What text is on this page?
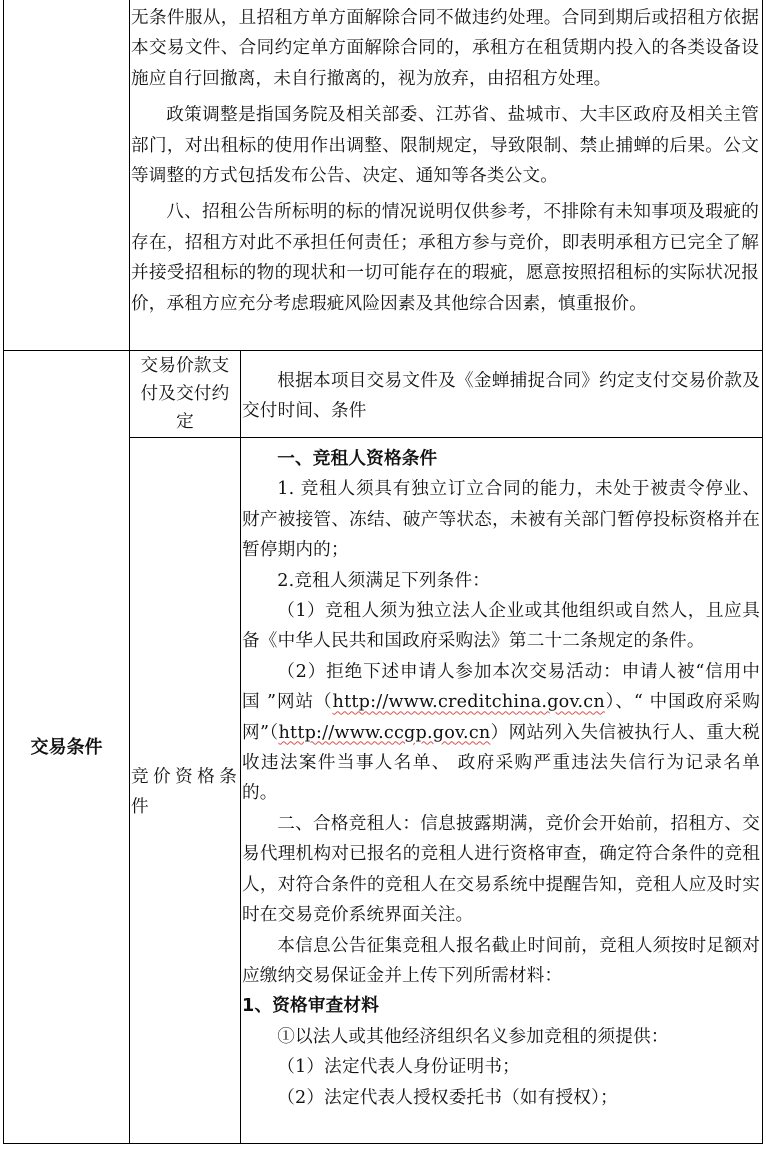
无条件服从，且招租方单方面解除合同不做违约处理。合同到期后或招租方依据本交易文件、合同约定单方面解除合同的，承租方在租赁期内投入的各类设备设施应自行回撤离，未自行撤离的，视为放弃，由招租方处理。

政策调整是指国务院及相关部委、江苏省、盐城市、大丰区政府及相关主管部门，对出租标的使用作出调整、限制规定，导致限制、禁止捕蝉的后果。公文等调整的方式包括发布公告、决定、通知等各类公文。

八、招租公告所标明的标的情况说明仅供参考，不排除有未知事项及瑕疵的存在，招租方对此不承担任何责任；承租方参与竞价，即表明承租方已完全了解并接受招租标的物的现状和一切可能存在的瑕疵，愿意按照招租标的实际状况报价，承租方应充分考虑瑕疵风险因素及其他综合因素，慎重报价。

交易条件
交易价款支付及交付约定

根据本项目交易文件及《金蝉捕捉合同》约定支付交易价款及交付时间、条件

竞价资格条件

一、竞租人资格条件

1. 竞租人须具有独立订立合同的能力，未处于被责令停业、财产被接管、冻结、破产等状态，未被有关部门暂停投标资格并在暂停期内的；

2.竞租人须满足下列条件：

（1）竞租人须为独立法人企业或其他组织或自然人，且应具备《中华人民共和国政府采购法》第二十二条规定的条件。

（2）拒绝下述申请人参加本次交易活动：申请人被“信用中国 ”网站（http://www.creditchina.gov.cn）、“ 中国政府采购网”（http://www.ccgp.gov.cn）网站列入失信被执行人、重大税收违法案件当事人名单、 政府采购严重违法失信行为记录名单的。

二、合格竞租人：信息披露期满，竞价会开始前，招租方、交易代理机构对已报名的竞租人进行资格审查，确定符合条件的竞租人，对符合条件的竞租人在交易系统中提醒告知，竞租人应及时实时在交易竞价系统界面关注。

本信息公告征集竞租人报名截止时间前，竞租人须按时足额对应缴纳交易保证金并上传下列所需材料：

1、资格审查材料

①以法人或其他经济组织名义参加竞租的须提供：

（1）法定代表人身份证明书；

（2）法定代表人授权委托书（如有授权）；
